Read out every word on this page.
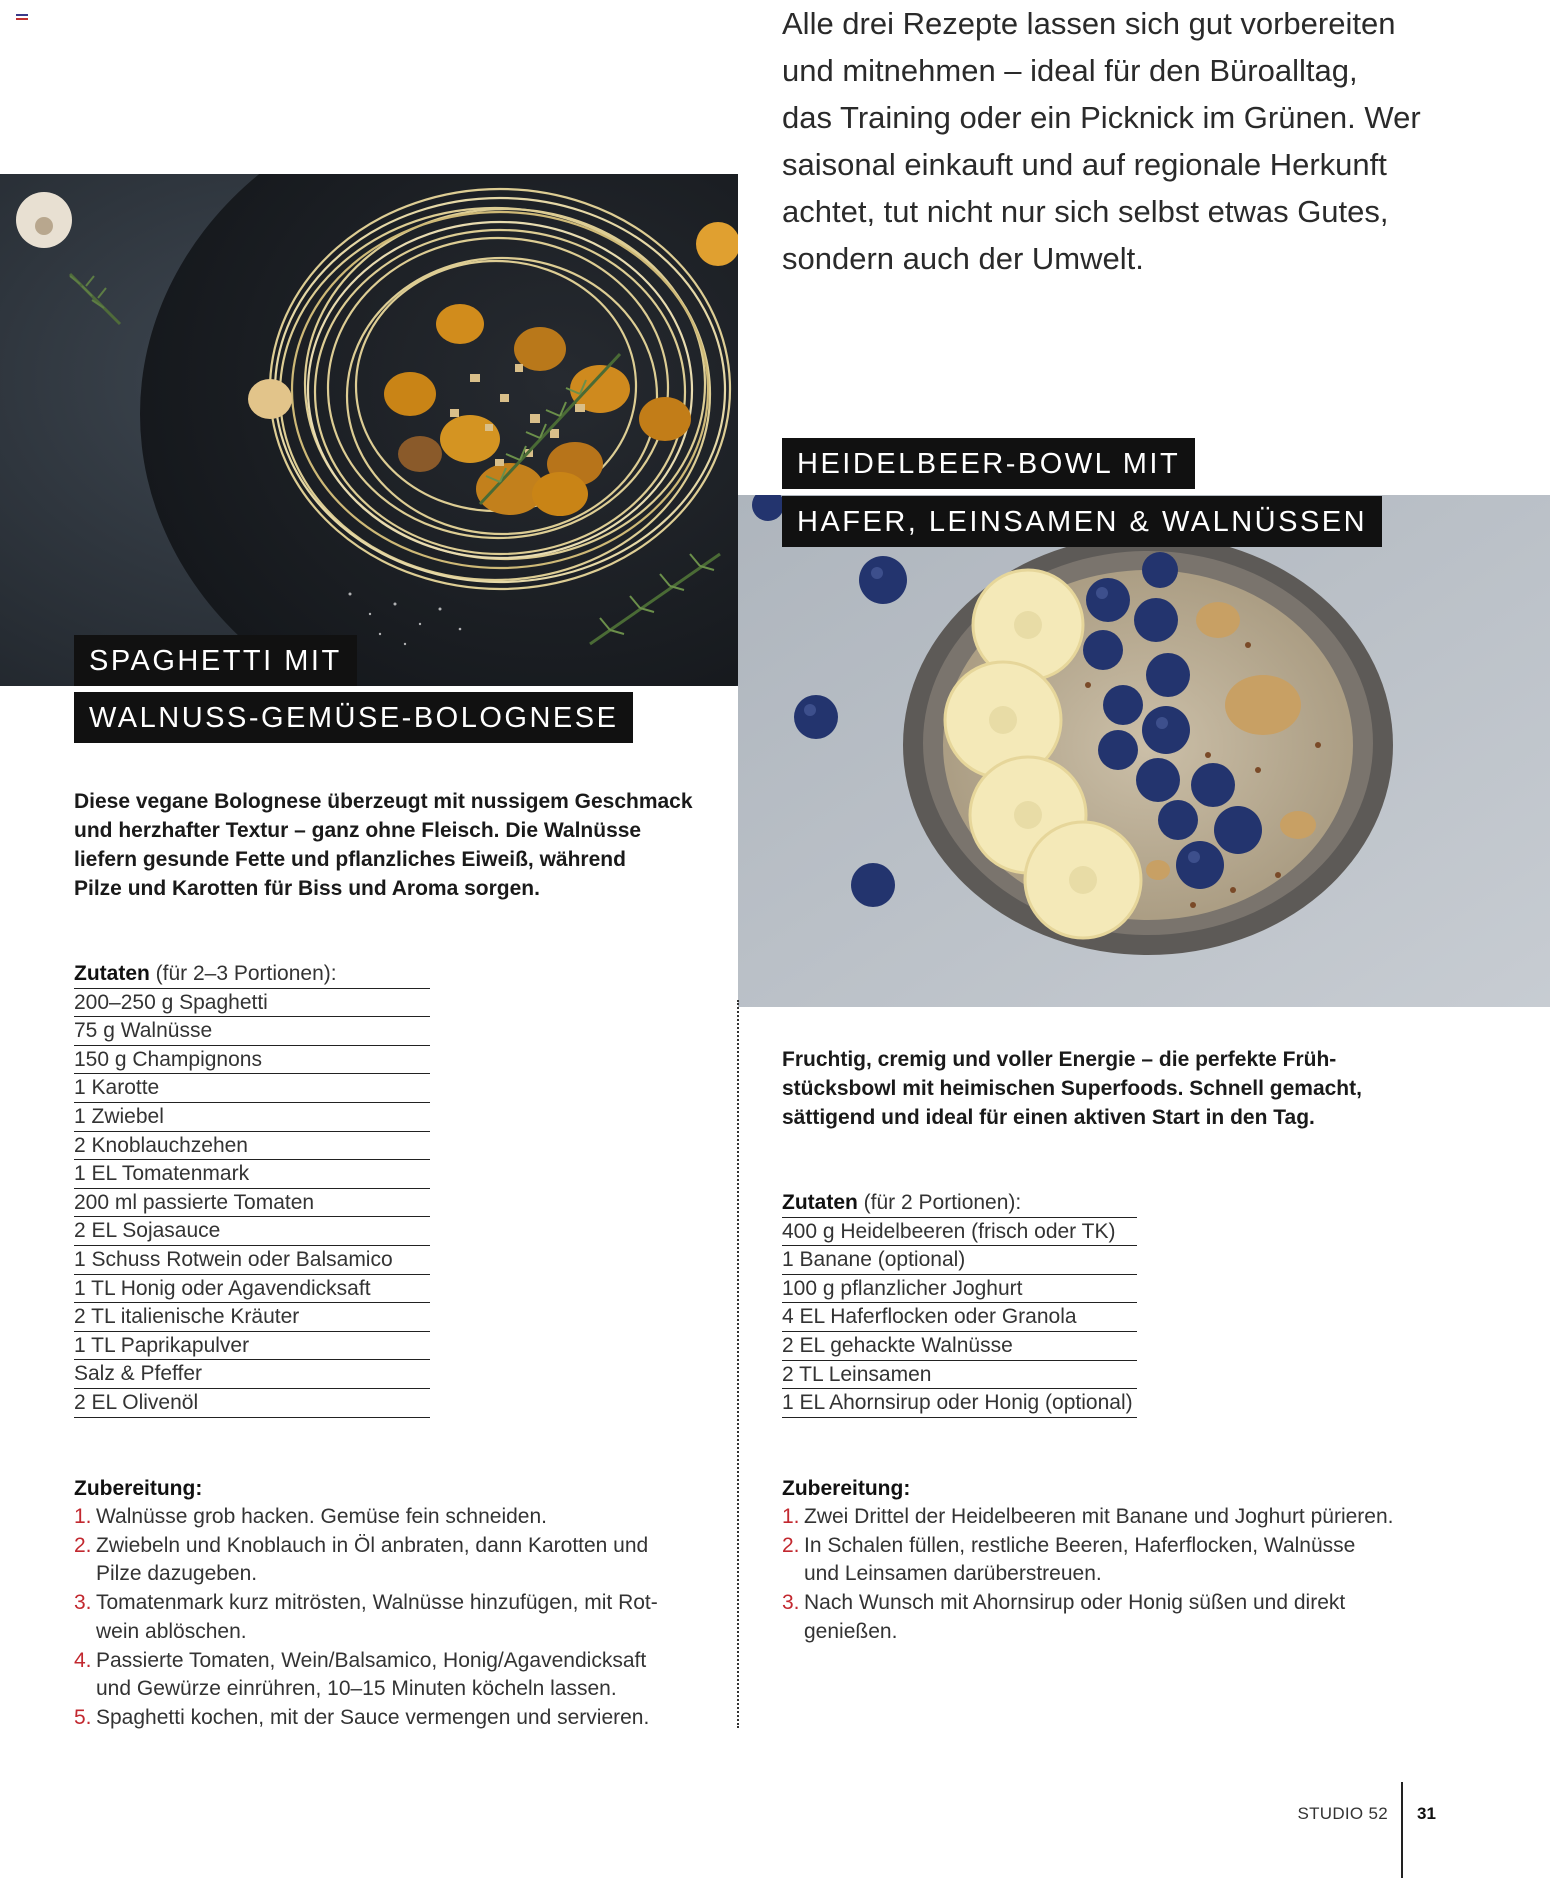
Alle drei Rezepte lassen sich gut vorbereiten
und mitnehmen – ideal für den Büroalltag,
das Training oder ein Picknick im Grünen. Wer
saisonal einkauft und auf regionale Herkunft
achtet, tut nicht nur sich selbst etwas Gutes,
sondern auch der Umwelt.

HEIDELBEER-BOWL MIT
HAFER, LEINSAMEN & WALNÜSSEN
SPAGHETTI MIT
WALNUSS-GEMÜSE-BOLOGNESE

Diese vegane Bolognese überzeugt mit nussigem Geschmack
und herzhafter Textur – ganz ohne Fleisch. Die Walnüsse
liefern gesunde Fette und pflanzliches Eiweiß, während
Pilze und Karotten für Biss und Aroma sorgen.

Zutaten (für 2–3 Portionen):
200–250 g Spaghetti
75 g Walnüsse
150 g Champignons
1 Karotte
1 Zwiebel
2 Knoblauchzehen
1 EL Tomatenmark
200 ml passierte Tomaten
2 EL Sojasauce
1 Schuss Rotwein oder Balsamico
1 TL Honig oder Agavendicksaft
2 TL italienische Kräuter
1 TL Paprikapulver
Salz & Pfeffer
2 EL Olivenöl

Zubereitung:

1. Walnüsse grob hacken. Gemüse fein schneiden.
2. Zwiebeln und Knoblauch in Öl anbraten, dann Karotten und
Pilze dazugeben.
3. Tomatenmark kurz mitrösten, Walnüsse hinzufügen, mit Rot-
wein ablöschen.
4. Passierte Tomaten, Wein/Balsamico, Honig/Agavendicksaft
und Gewürze einrühren, 10–15 Minuten köcheln lassen.
5. Spaghetti kochen, mit der Sauce vermengen und servieren.

Fruchtig, cremig und voller Energie – die perfekte Früh-
stücksbowl mit heimischen Superfoods. Schnell gemacht,
sättigend und ideal für einen aktiven Start in den Tag.

Zutaten (für 2 Portionen):
400 g Heidelbeeren (frisch oder TK)
1 Banane (optional)
100 g pflanzlicher Joghurt
4 EL Haferflocken oder Granola
2 EL gehackte Walnüsse
2 TL Leinsamen
1 EL Ahornsirup oder Honig (optional)

Zubereitung:

1. Zwei Drittel der Heidelbeeren mit Banane und Joghurt pürieren.
2. In Schalen füllen, restliche Beeren, Haferflocken, Walnüsse
und Leinsamen darüberstreuen.
3. Nach Wunsch mit Ahornsirup oder Honig süßen und direkt
genießen.
STUDIO 52 31
